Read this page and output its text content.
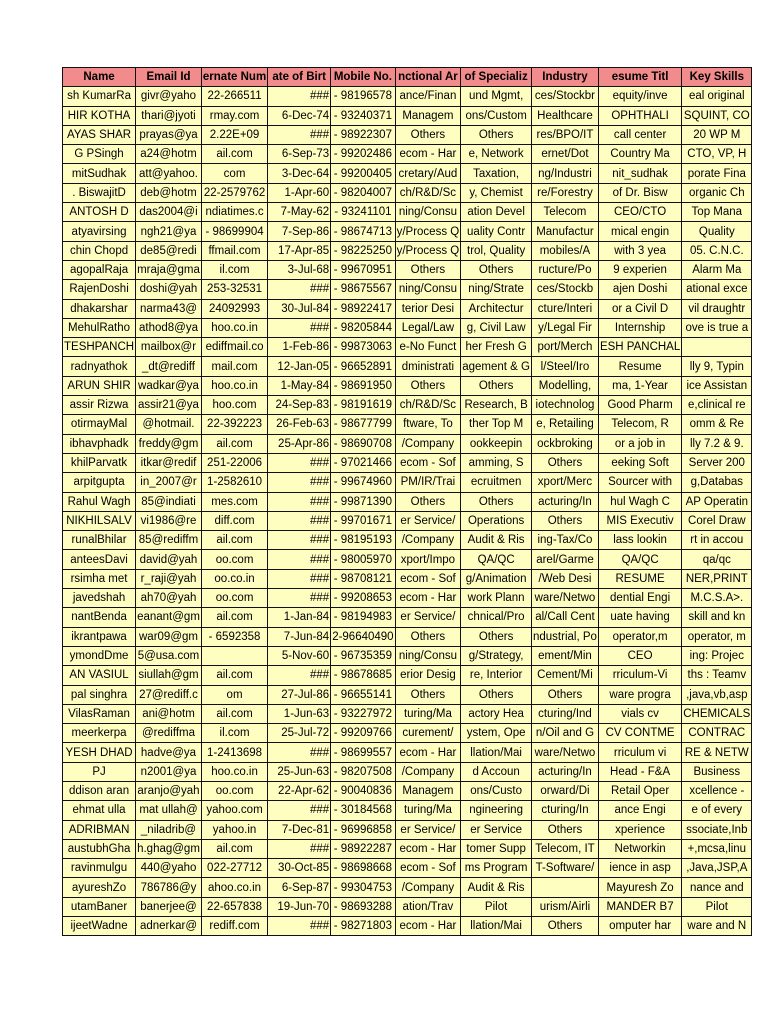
Name	Email Id	ernate Num	ate of Birt	Mobile No.	nctional Ar	of Specializ	Industry	esume Titl	Key Skills
sh KumarRa	givr@yaho	22-266511	###	- 98196578	ance/Finan	und Mgmt,	ces/Stockbr	equity/inve	eal original
HIR KOTHA	thari@jyoti	rmay.com	6-Dec-74	- 93240371	Managem	ons/Custom	Healthcare	OPHTHALI	SQUINT, CO
AYAS SHAR	prayas@ya	2.22E+09	###	- 98922307	Others	Others	res/BPO/IT	call center	20 WP M
G PSingh	a24@hotm	ail.com	6-Sep-73	- 99202486	ecom - Har	e, Network	ernet/Dot	Country Ma	CTO, VP, H
mitSudhak	att@yahoo.	com	3-Dec-64	- 99200405	cretary/Aud	Taxation,	ng/Industri	nit_sudhak	porate Fina
. BiswajitD	deb@hotm	22-2579762	1-Apr-60	- 98204007	ch/R&D/Sc	y, Chemist	re/Forestry	of Dr. Bisw	organic Ch
ANTOSH D	das2004@i	ndiatimes.c	7-May-62	- 93241101	ning/Consu	ation Devel	Telecom	CEO/CTO	Top Mana
atyavirsing	ngh21@ya	- 98699904	7-Sep-86	- 98674713	y/Process Q	uality Contr	Manufactur	mical engin	Quality
chin Chopd	de85@redi	ffmail.com	17-Apr-85	- 98225250	y/Process Q	trol, Quality	mobiles/A	with 3 yea	05. C.N.C.
agopalRaja	mraja@gma	il.com	3-Jul-68	- 99670951	Others	Others	ructure/Po	9 experien	Alarm Ma
RajenDoshi	doshi@yah	253-32531	###	- 98675567	ning/Consu	ning/Strate	ces/Stockb	ajen Doshi	ational exce
dhakarshar	narma43@	24092993	30-Jul-84	- 98922417	terior Desi	Architectur	cture/Interi	or a Civil D	vil draughtr
MehulRatho	athod8@ya	hoo.co.in	###	- 98205844	Legal/Law	g, Civil Law	y/Legal Fir	Internship	ove is true a
TESHPANCH	mailbox@r	ediffmail.co	1-Feb-86	- 99873063	e-No Funct	her Fresh G	port/Merch	ESH PANCHAL	
radnyathok	_dt@rediff	mail.com	12-Jan-05	- 96652891	dministrati	agement & G	l/Steel/Iro	Resume	lly 9, Typin
ARUN SHIR	wadkar@ya	hoo.co.in	1-May-84	- 98691950	Others	Others	Modelling,	ma, 1-Year	ice Assistan
assir Rizwa	assir21@ya	hoo.com	24-Sep-83	- 98191619	ch/R&D/Sc	Research, B	iotechnolog	Good Pharm	e,clinical re
otirmayMal	@hotmail.	22-392223	26-Feb-63	- 98677799	ftware, To	ther Top M	e, Retailing	Telecom, R	omm & Re
ibhavphadk	freddy@gm	ail.com	25-Apr-86	- 98690708	/Company	ookkeepin	ockbroking	or a job in	lly 7.2 & 9.
khilParvatk	itkar@redif	251-22006	###	- 97021466	ecom - Sof	amming, S	Others	eeking Soft	Server 200
arpitgupta	in_2007@r	1-2582610	###	- 99674960	PM/IR/Trai	ecruitmen	xport/Merc	Sourcer with	g,Databas
Rahul Wagh	85@indiati	mes.com	###	- 99871390	Others	Others	acturing/In	hul Wagh C	AP Operatin
NIKHILSALV	vi1986@re	diff.com	###	- 99701671	er Service/	Operations	Others	MIS Executiv	Corel Draw
runalBhilar	85@rediffm	ail.com	###	- 98195193	/Company	Audit & Ris	ing-Tax/Co	lass lookin	rt in accou
anteesDavi	david@yah	oo.com	###	- 98005970	xport/Impo	QA/QC	arel/Garme	QA/QC	qa/qc
rsimha met	r_raji@yah	oo.co.in	###	- 98708121	ecom - Sof	g/Animation	/Web Desi	RESUME	NER,PRINT
javedshah	ah70@yah	oo.com	###	- 99208653	ecom - Har	work Plann	ware/Netwo	dential Engi	M.C.S.A>.
nantBenda	eanant@gm	ail.com	1-Jan-84	- 98194983	er Service/	chnical/Pro	al/Call Cent	uate having	skill and kn
ikrantpawa	war09@gm	- 6592358	7-Jun-84	2-96640490	Others	Others	ndustrial, Po	operator,m	operator, m
ymondDme	5@usa.com		5-Nov-60	- 96735359	ning/Consu	g/Strategy,	ement/Min	CEO	ing: Projec
AN VASIUL	siullah@gm	ail.com	###	- 98678685	erior Desig	re, Interior	Cement/Mi	rriculum-Vi	ths : Teamv
pal singhra	27@rediff.c	om	27-Jul-86	- 96655141	Others	Others	Others	ware progra	,java,vb,asp
VilasRaman	ani@hotm	ail.com	1-Jun-63	- 93227972	turing/Ma	actory Hea	cturing/Ind	vials cv	CHEMICALS
meerkerpa	@rediffma	il.com	25-Jul-72	- 99209766	curement/	ystem, Ope	n/Oil and G	CV CONTME	CONTRAC
YESH DHAD	hadve@ya	1-2413698	###	- 98699557	ecom - Har	llation/Mai	ware/Netwo	rriculum vi	RE & NETW
PJ	n2001@ya	hoo.co.in	25-Jun-63	- 98207508	/Company	d Accoun	acturing/In	Head - F&A	Business
ddison aran	aranjo@yah	oo.com	22-Apr-62	- 90040836	Managem	ons/Custo	orward/Di	Retail Oper	xcellence -
ehmat ulla	mat ullah@	yahoo.com	###	- 30184568	turing/Ma	ngineering	cturing/In	ance Engi	e of every
ADRIBMAN	_niladrib@	yahoo.in	7-Dec-81	- 96996858	er Service/	er Service	Others	xperience	ssociate,Inb
austubhGha	h.ghag@gm	ail.com	###	- 98922287	ecom - Har	tomer Supp	Telecom, IT	Networkin	+,mcsa,linu
ravinmulgu	440@yaho	022-27712	30-Oct-85	- 98698668	ecom - Sof	ms Program	T-Software/	ience in asp	,Java,JSP,A
ayureshZo	786786@y	ahoo.co.in	6-Sep-87	- 99304753	/Company	Audit & Ris		Mayuresh Zo	nance and
utamBaner	banerjee@	22-657838	19-Jun-70	- 98693288	ation/Trav	Pilot	urism/Airli	MANDER B7	Pilot
ijeetWadne	adnerkar@	rediff.com	###	- 98271803	ecom - Har	llation/Mai	Others	omputer har	ware and N
